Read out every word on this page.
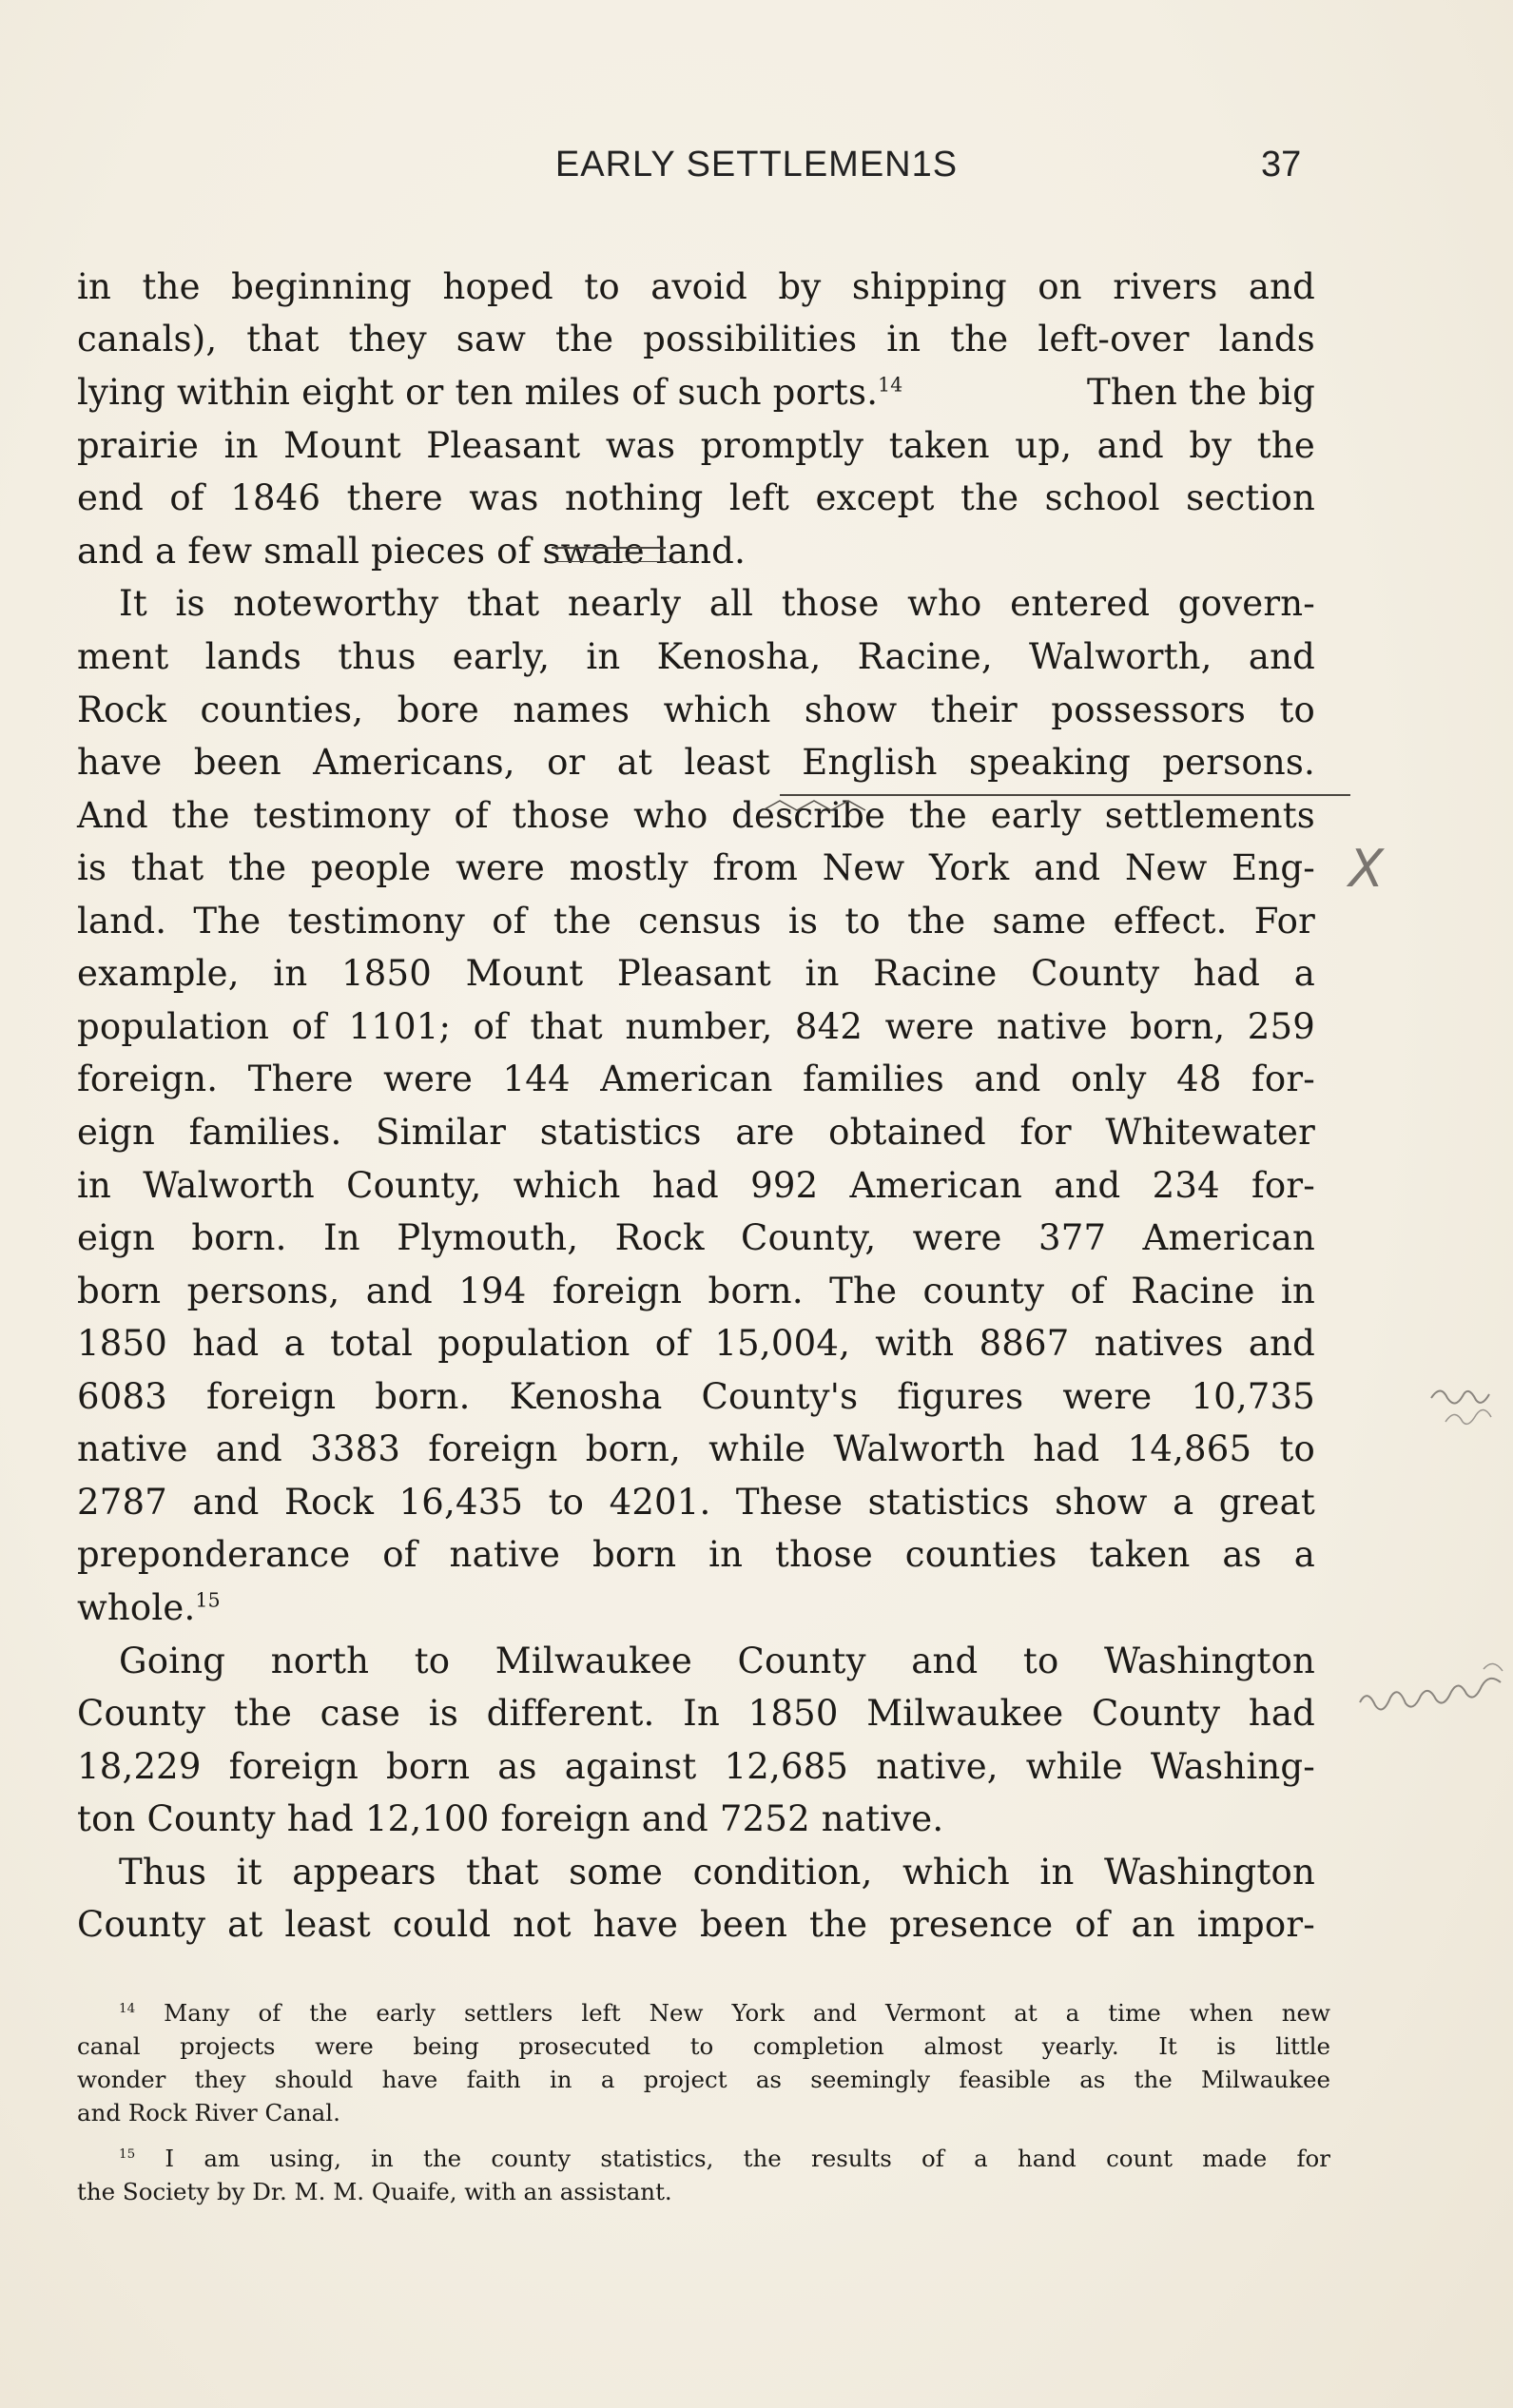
EARLY SETTLEMEN1S	37
in the beginning hoped to avoid by shipping on rivers and
canals), that they saw the possibilities in the left-over lands
lying within eight or ten miles of such ports.$^{14}$	Then the big
prairie in Mount Pleasant was promptly taken up, and by the
end of 1846 there was nothing left except the school section
and a few small pieces of swale land.
It is noteworthy that nearly all those who entered govern-
ment lands thus early, in Kenosha, Racine, Walworth, and
Rock counties, bore names which show their possessors to
have been Americans, or at least English speaking persons.
And the testimony of those who describe the early settlements
is that the people were mostly from New York and New Eng-
land. The testimony of the census is to the same effect. For
example, in 1850 Mount Pleasant in Racine County had a
population of 1101; of that number, 842 were native born, 259
foreign. There were 144 American families and only 48 for-
eign families. Similar statistics are obtained for Whitewater
in Walworth County, which had 992 American and 234 for-
eign born. In Plymouth, Rock County, were 377 American
born persons, and 194 foreign born. The county of Racine in
1850 had a total population of 15,004, with 8867 natives and
6083 foreign born. Kenosha County's figures were 10,735
native and 3383 foreign born, while Walworth had 14,865 to
2787 and Rock 16,435 to 4201. These statistics show a great
preponderance of native born in those counties taken as a
whole.$^{15}$
Going north to Milwaukee County and to Washington
County the case is different. In 1850 Milwaukee County had
18,229 foreign born as against 12,685 native, while Washing-
ton County had 12,100 foreign and 7252 native.
Thus it appears that some condition, which in Washington
County at least could not have been the presence of an impor-
$^{14}$ Many of the early settlers left New York and Vermont at a time when new
canal projects were being prosecuted to completion almost yearly. It is little
wonder they should have faith in a project as seemingly feasible as the Milwaukee
and Rock River Canal.
$^{15}$ I am using, in the county statistics, the results of a hand count made for
the Society by Dr. M. M. Quaife, with an assistant.
X
